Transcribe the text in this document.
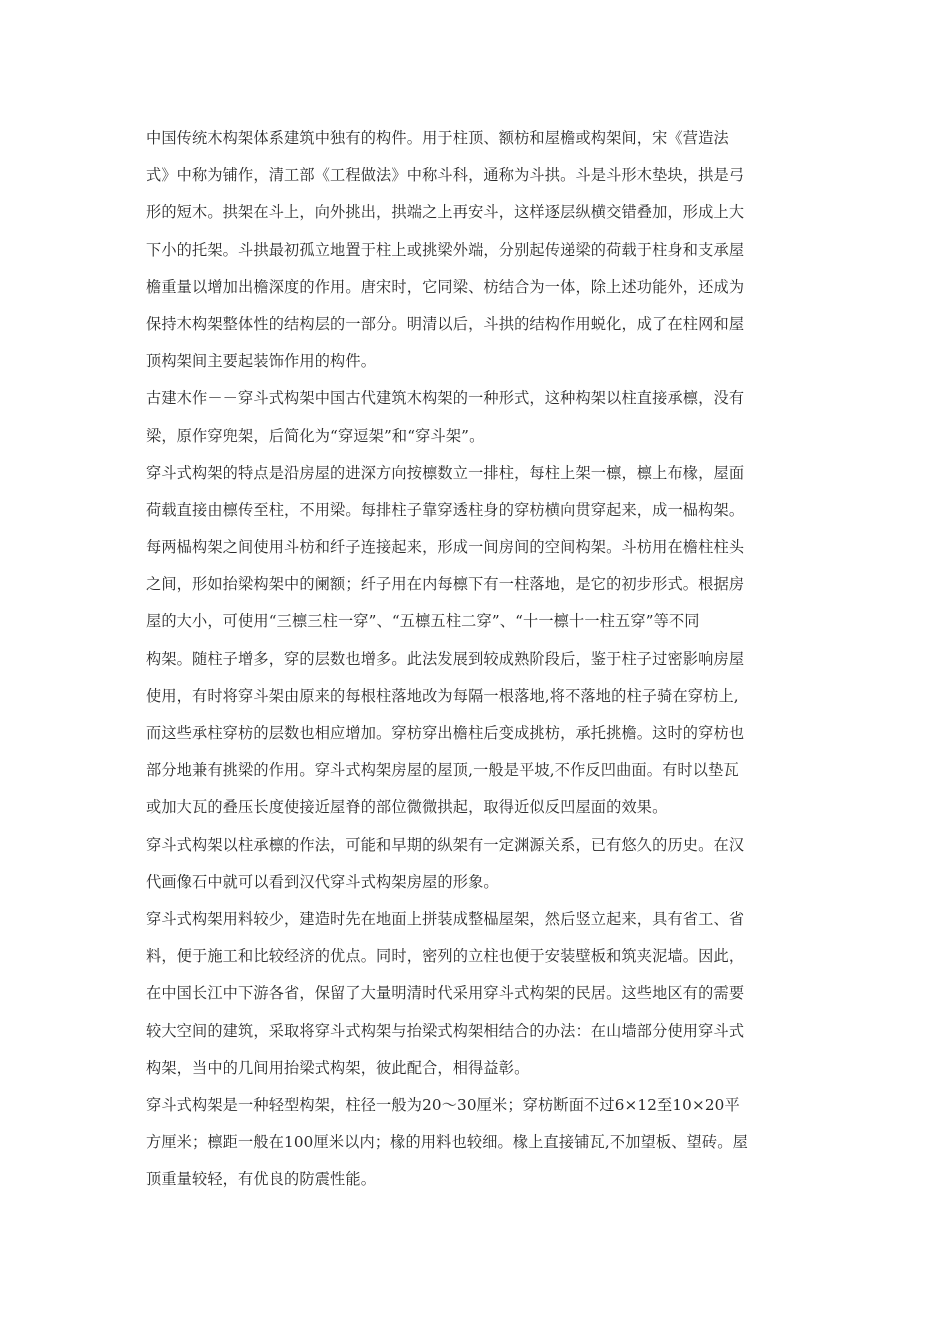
中国传统木构架体系建筑中独有的构件。用于柱顶、额枋和屋檐或构架间，宋《营造法
式》中称为铺作，清工部《工程做法》中称斗科，通称为斗拱。斗是斗形木垫块，拱是弓
形的短木。拱架在斗上，向外挑出，拱端之上再安斗，这样逐层纵横交错叠加，形成上大
下小的托架。斗拱最初孤立地置于柱上或挑梁外端，分别起传递梁的荷载于柱身和支承屋
檐重量以增加出檐深度的作用。唐宋时，它同梁、枋结合为一体，除上述功能外，还成为
保持木构架整体性的结构层的一部分。明清以后，斗拱的结构作用蜕化，成了在柱网和屋
顶构架间主要起装饰作用的构件。
古建木作－－穿斗式构架中国古代建筑木构架的一种形式，这种构架以柱直接承檩，没有
梁，原作穿兜架，后简化为“穿逗架”和“穿斗架”。
穿斗式构架的特点是沿房屋的进深方向按檩数立一排柱，每柱上架一檩，檩上布椽，屋面
荷载直接由檩传至柱，不用梁。每排柱子靠穿透柱身的穿枋横向贯穿起来，成一榀构架。
每两榀构架之间使用斗枋和纤子连接起来，形成一间房间的空间构架。斗枋用在檐柱柱头
之间，形如抬梁构架中的阑额；纤子用在内每檩下有一柱落地，是它的初步形式。根据房
屋的大小，可使用“三檩三柱一穿”、“五檩五柱二穿”、“十一檩十一柱五穿”等不同
构架。随柱子增多，穿的层数也增多。此法发展到较成熟阶段后，鉴于柱子过密影响房屋
使用，有时将穿斗架由原来的每根柱落地改为每隔一根落地,将不落地的柱子骑在穿枋上,
而这些承柱穿枋的层数也相应增加。穿枋穿出檐柱后变成挑枋，承托挑檐。这时的穿枋也
部分地兼有挑梁的作用。穿斗式构架房屋的屋顶,一般是平坡,不作反凹曲面。有时以垫瓦
或加大瓦的叠压长度使接近屋脊的部位微微拱起，取得近似反凹屋面的效果。
穿斗式构架以柱承檩的作法，可能和早期的纵架有一定渊源关系，已有悠久的历史。在汉
代画像石中就可以看到汉代穿斗式构架房屋的形象。
穿斗式构架用料较少，建造时先在地面上拼装成整榀屋架，然后竖立起来，具有省工、省
料，便于施工和比较经济的优点。同时，密列的立柱也便于安装壁板和筑夹泥墙。因此，
在中国长江中下游各省，保留了大量明清时代采用穿斗式构架的民居。这些地区有的需要
较大空间的建筑，采取将穿斗式构架与抬梁式构架相结合的办法：在山墙部分使用穿斗式
构架，当中的几间用抬梁式构架，彼此配合，相得益彰。
穿斗式构架是一种轻型构架，柱径一般为20～30厘米；穿枋断面不过6×12至10×20平
方厘米；檩距一般在100厘米以内；椽的用料也较细。椽上直接铺瓦,不加望板、望砖。屋
顶重量较轻，有优良的防震性能。
